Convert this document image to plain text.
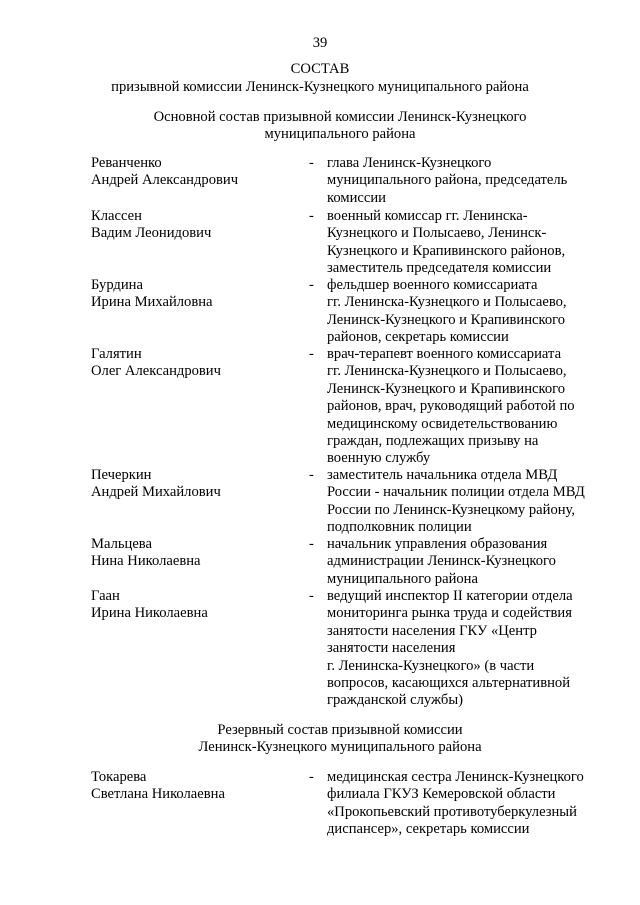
39
СОСТАВ
призывной комиссии Ленинск-Кузнецкого муниципального района
Основной состав призывной комиссии Ленинск-Кузнецкого
муниципального района
Реванченко
Андрей Александрович
- глава Ленинск-Кузнецкого
муниципального района, председатель
комиссии
Классен
Вадим Леонидович
- военный комиссар гг. Ленинска-
Кузнецкого и Полысаево, Ленинск-
Кузнецкого и Крапивинского районов,
заместитель председателя комиссии
Бурдина
Ирина Михайловна
- фельдшер военного комиссариата
гг. Ленинска-Кузнецкого и Полысаево,
Ленинск-Кузнецкого и Крапивинского
районов, секретарь комиссии
Галятин
Олег Александрович
- врач-терапевт военного комиссариата
гг. Ленинска-Кузнецкого и Полысаево,
Ленинск-Кузнецкого и Крапивинского
районов, врач, руководящий работой по
медицинскому освидетельствованию
граждан, подлежащих призыву на
военную службу
Печеркин
Андрей Михайлович
- заместитель начальника отдела МВД
России - начальник полиции отдела МВД
России по Ленинск-Кузнецкому району,
подполковник полиции
Мальцева
Нина Николаевна
- начальник управления образования
администрации Ленинск-Кузнецкого
муниципального района
Гаан
Ирина Николаевна
- ведущий инспектор II категории отдела
мониторинга рынка труда и содействия
занятости населения ГКУ «Центр
занятости населения
г. Ленинска-Кузнецкого» (в части
вопросов, касающихся альтернативной
гражданской службы)
Резервный состав призывной комиссии
Ленинск-Кузнецкого муниципального района
Токарева
Светлана Николаевна
- медицинская сестра Ленинск-Кузнецкого
филиала ГКУЗ Кемеровской области
«Прокопьевский противотуберкулезный
диспансер», секретарь комиссии
